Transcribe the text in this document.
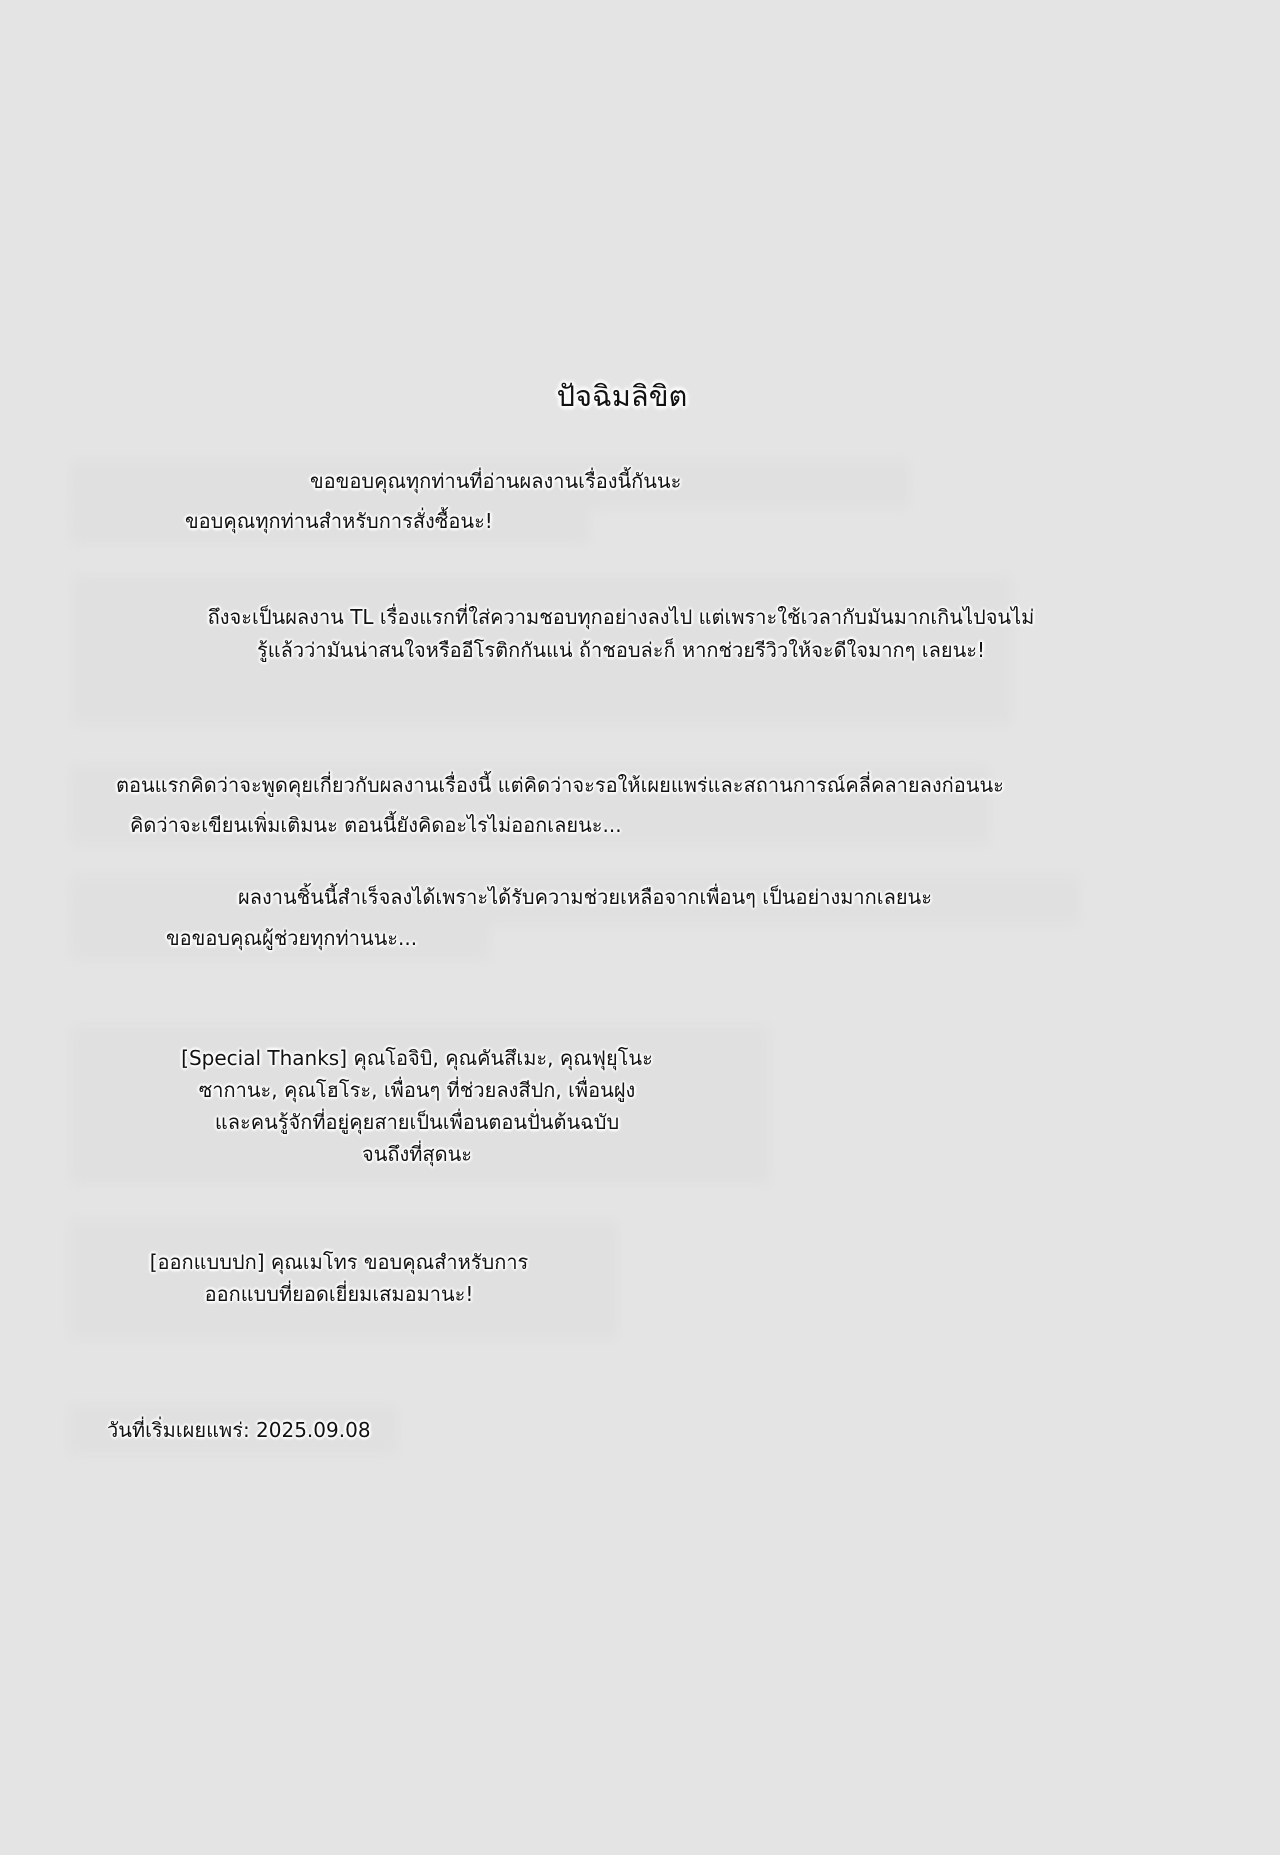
ปัจฉิมลิขิต
ขอขอบคุณทุกท่านที่อ่านผลงานเรื่องนี้กันนะ
ขอบคุณทุกท่านสำหรับการสั่งซื้อนะ!
ถึงจะเป็นผลงาน TL เรื่องแรกที่ใส่ความชอบทุกอย่างลงไป แต่เพราะใช้เวลากับมันมากเกินไปจนไม่
รู้แล้วว่ามันน่าสนใจหรืออีโรติกกันแน่ ถ้าชอบล่ะก็ หากช่วยรีวิวให้จะดีใจมากๆ เลยนะ!
ตอนแรกคิดว่าจะพูดคุยเกี่ยวกับผลงานเรื่องนี้ แต่คิดว่าจะรอให้เผยแพร่และสถานการณ์คลี่คลายลงก่อนนะ
คิดว่าจะเขียนเพิ่มเติมนะ ตอนนี้ยังคิดอะไรไม่ออกเลยนะ...
ผลงานชิ้นนี้สำเร็จลงได้เพราะได้รับความช่วยเหลือจากเพื่อนๆ เป็นอย่างมากเลยนะ
ขอขอบคุณผู้ช่วยทุกท่านนะ...
[Special Thanks] คุณโอจิบิ, คุณคันสึเมะ, คุณฟุยุโนะ
ซากานะ, คุณโฮโระ, เพื่อนๆ ที่ช่วยลงสีปก, เพื่อนฝูง
และคนรู้จักที่อยู่คุยสายเป็นเพื่อนตอนปั่นต้นฉบับ
จนถึงที่สุดนะ
[ออกแบบปก] คุณเมโทร ขอบคุณสำหรับการ
ออกแบบที่ยอดเยี่ยมเสมอมานะ!
วันที่เริ่มเผยแพร่: 2025.09.08
